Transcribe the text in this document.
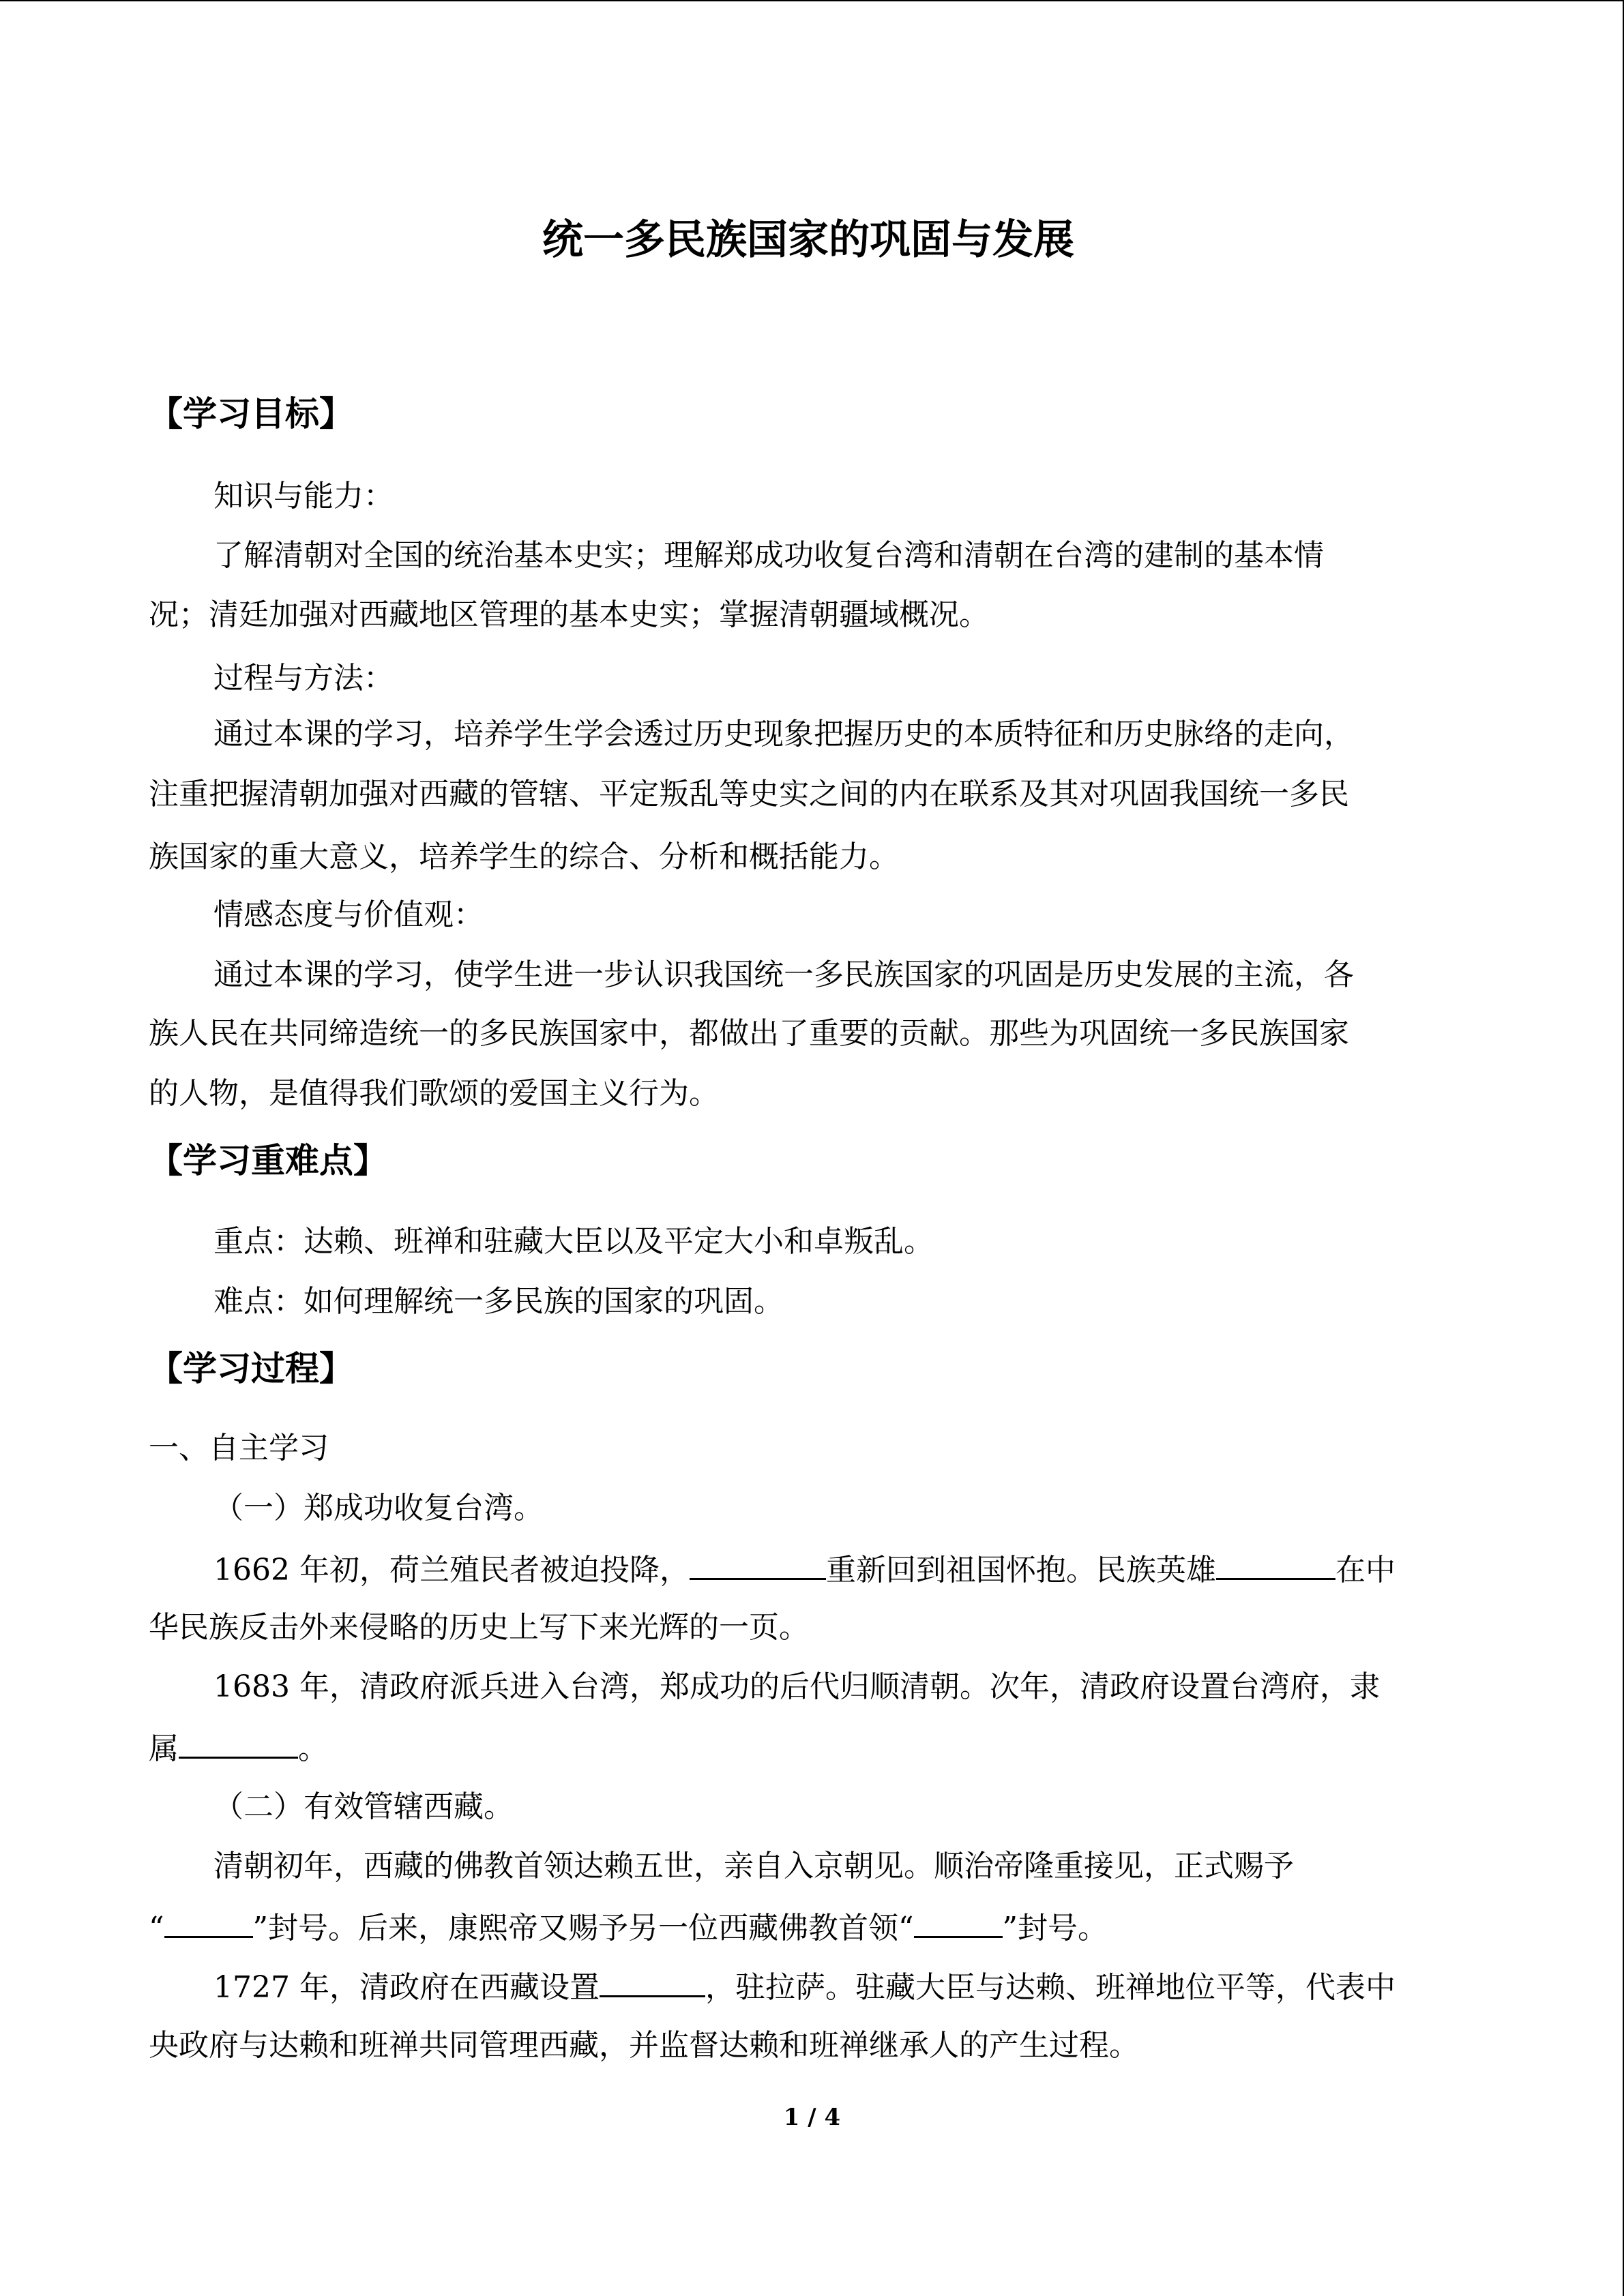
统一多民族国家的巩固与发展
【学习目标】
知识与能力：
了解清朝对全国的统治基本史实；理解郑成功收复台湾和清朝在台湾的建制的基本情
况；清廷加强对西藏地区管理的基本史实；掌握清朝疆域概况。
过程与方法：
通过本课的学习，培养学生学会透过历史现象把握历史的本质特征和历史脉络的走向，
注重把握清朝加强对西藏的管辖、平定叛乱等史实之间的内在联系及其对巩固我国统一多民
族国家的重大意义，培养学生的综合、分析和概括能力。
情感态度与价值观：
通过本课的学习，使学生进一步认识我国统一多民族国家的巩固是历史发展的主流，各
族人民在共同缔造统一的多民族国家中，都做出了重要的贡献。那些为巩固统一多民族国家
的人物，是值得我们歌颂的爱国主义行为。
【学习重难点】
重点：达赖、班禅和驻藏大臣以及平定大小和卓叛乱。
难点：如何理解统一多民族的国家的巩固。
【学习过程】
一、自主学习
（一）郑成功收复台湾。
1662 年初，荷兰殖民者被迫投降，	重新回到祖国怀抱。民族英雄	在中
华民族反击外来侵略的历史上写下来光辉的一页。
1683 年，清政府派兵进入台湾，郑成功的后代归顺清朝。次年，清政府设置台湾府，隶
属	。
（二）有效管辖西藏。
清朝初年，西藏的佛教首领达赖五世，亲自入京朝见。顺治帝隆重接见，正式赐予
“	”封号。后来，康熙帝又赐予另一位西藏佛教首领“	”封号。
1727 年，清政府在西藏设置	，驻拉萨。驻藏大臣与达赖、班禅地位平等，代表中
央政府与达赖和班禅共同管理西藏，并监督达赖和班禅继承人的产生过程。
1 / 4
